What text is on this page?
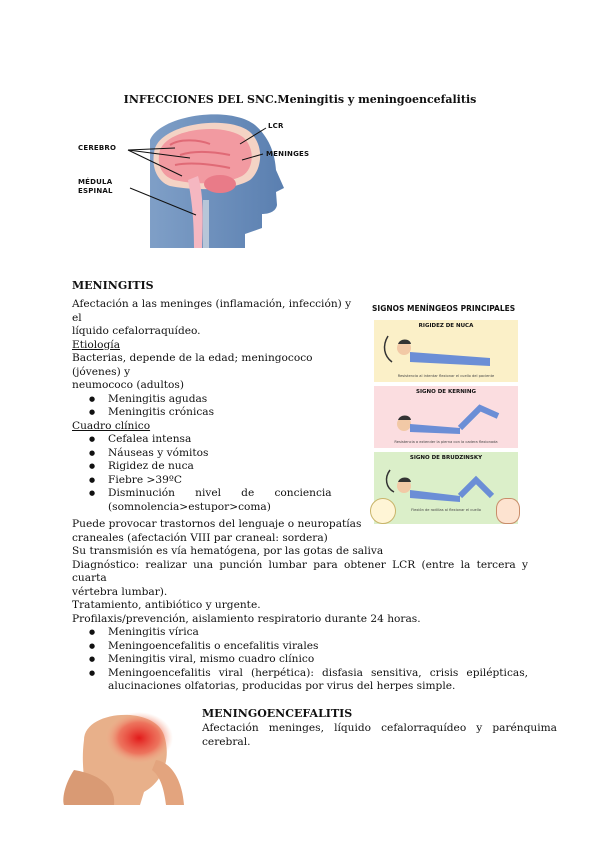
INFECCIONES DEL SNC.Meningitis y meningoencefalitis
CEREBRO
MÉDULA
ESPINAL
LCR
MENINGES
MENINGITIS
Afectación a las meninges (inflamación, infección) y el
líquido cefalorraquídeo.
Etiología
Bacterias, depende de la edad; meningococo (jóvenes) y
neumococo (adultos)
● Meningitis agudas
● Meningitis crónicas
Cuadro clínico
● Cefalea intensa
● Náuseas y vómitos
● Rigidez de nuca
● Fiebre >39ºC
● Disminución      nivel      de      conciencia
(somnolencia>estupor>coma)
SIGNOS MENÍNGEOS PRINCIPALES
RIGIDEZ DE NUCA
Resistencia al intentar flexionar el cuello del paciente
SIGNO DE KERNING
Resistencia a extender la pierna con la cadera flexionada
SIGNO DE BRUDZINSKY
Flexión de rodillas al flexionar el cuello
Puede provocar trastornos del lenguaje o neuropatías
craneales (afectación VIII par craneal: sordera)
Su transmisión es vía hematógena, por las gotas de saliva
Diagnóstico: realizar una punción lumbar para obtener LCR (entre la tercera y cuarta
vértebra lumbar).
Tratamiento, antibiótico y urgente.
Profilaxis/prevención, aislamiento respiratorio durante 24 horas.
● Meningitis vírica
● Meningoencefalitis o encefalitis virales
● Meningitis viral, mismo cuadro clínico
● Meningoencefalitis viral (herpética): disfasia sensitiva, crisis epilépticas,
alucinaciones olfatorias, producidas por virus del herpes simple.
MENINGOENCEFALITIS
Afectación   meninges,   líquido   cefalorraquídeo   y   parénquima
cerebral.
